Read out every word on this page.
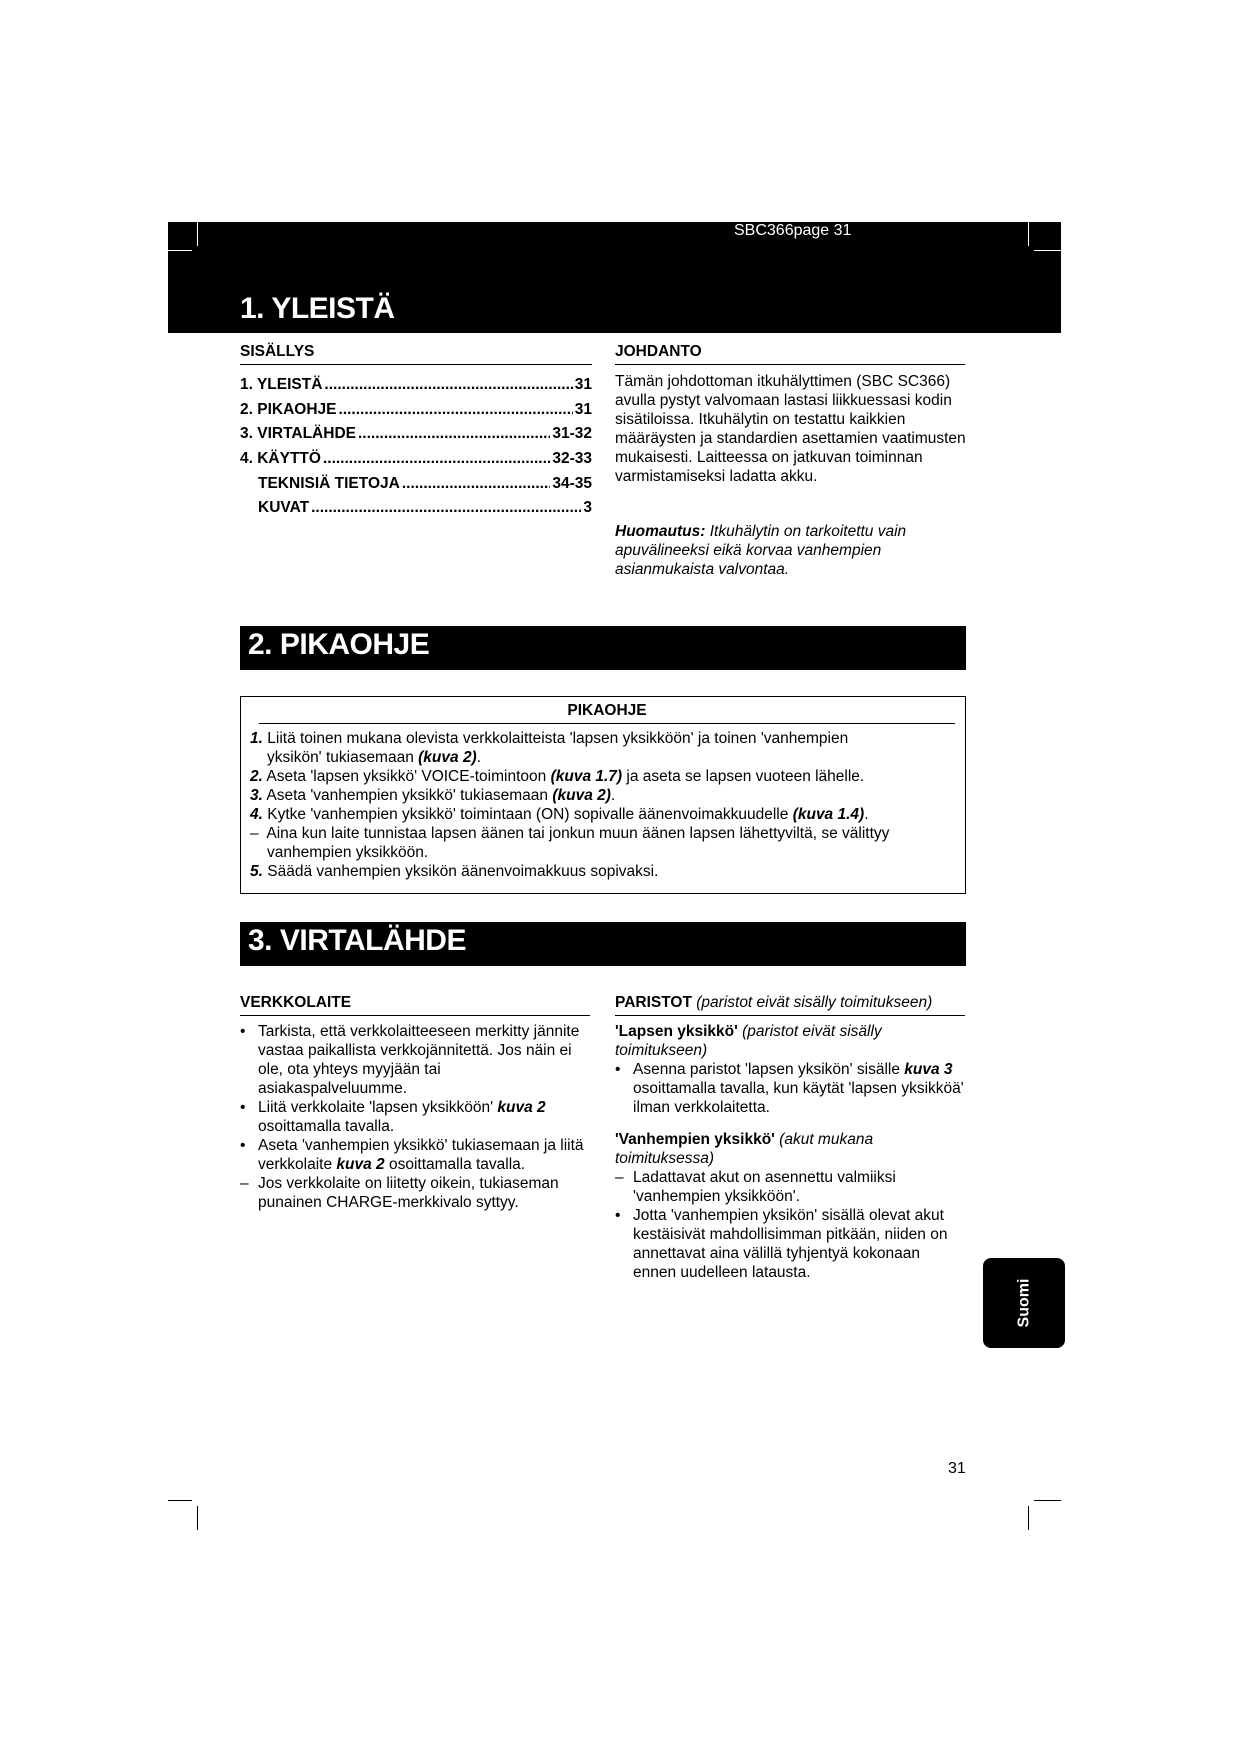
SBC366page 31
1. YLEISTÄ
SISÄLLYS
1. YLEISTÄ .....	31
2. PIKAOHJE .....	31
3. VIRTALÄHDE .....	31-32
4. KÄYTTÖ .....	32-33
TEKNISIÄ TIETOJA .....	34-35
KUVAT .....	3
JOHDANTO
Tämän johdottoman itkuhälyttimen (SBC SC366) avulla pystyt valvomaan lastasi liikkuessasi kodin sisätiloissa. Itkuhälytin on testattu kaikkien määräysten ja standardien asettamien vaatimusten mukaisesti. Laitteessa on jatkuvan toiminnan varmistamiseksi ladatta akku.
Huomautus: Itkuhälytin on tarkoitettu vain apuvälineeksi eikä korvaa vanhempien asianmukaista valvontaa.
2. PIKAOHJE
PIKAOHJE
1. Liitä toinen mukana olevista verkkolaitteista 'lapsen yksikköön' ja toinen 'vanhempien
yksikön' tukiasemaan (kuva 2).
2. Aseta 'lapsen yksikkö' VOICE-toimintoon (kuva 1.7) ja aseta se lapsen vuoteen lähelle.
3. Aseta 'vanhempien yksikkö' tukiasemaan (kuva 2).
4. Kytke 'vanhempien yksikkö' toimintaan (ON) sopivalle äänenvoimakkuudelle (kuva 1.4).
– Aina kun laite tunnistaa lapsen äänen tai jonkun muun äänen lapsen lähettyviltä, se välittyy
vanhempien yksikköön.
5. Säädä vanhempien yksikön äänenvoimakkuus sopivaksi.
3. VIRTALÄHDE
VERKKOLAITE
• Tarkista, että verkkolaitteeseen merkitty jännite vastaa paikallista verkkojännitettä. Jos näin ei ole, ota yhteys myyjään tai asiakaspalveluumme.
• Liitä verkkolaite 'lapsen yksikköön' kuva 2 osoittamalla tavalla.
• Aseta 'vanhempien yksikkö' tukiasemaan ja liitä verkkolaite kuva 2 osoittamalla tavalla.
– Jos verkkolaite on liitetty oikein, tukiaseman punainen CHARGE-merkkivalo syttyy.
PARISTOT (paristot eivät sisälly toimitukseen)
'Lapsen yksikkö' (paristot eivät sisälly toimitukseen)
• Asenna paristot 'lapsen yksikön' sisälle kuva 3 osoittamalla tavalla, kun käytät 'lapsen yksikköä' ilman verkkolaitetta.
'Vanhempien yksikkö' (akut mukana toimituksessa)
– Ladattavat akut on asennettu valmiiksi 'vanhempien yksikköön'.
• Jotta 'vanhempien yksikön' sisällä olevat akut kestäisivät mahdollisimman pitkään, niiden on annettavat aina välillä tyhjentyä kokonaan ennen uudelleen latausta.
Suomi
31
